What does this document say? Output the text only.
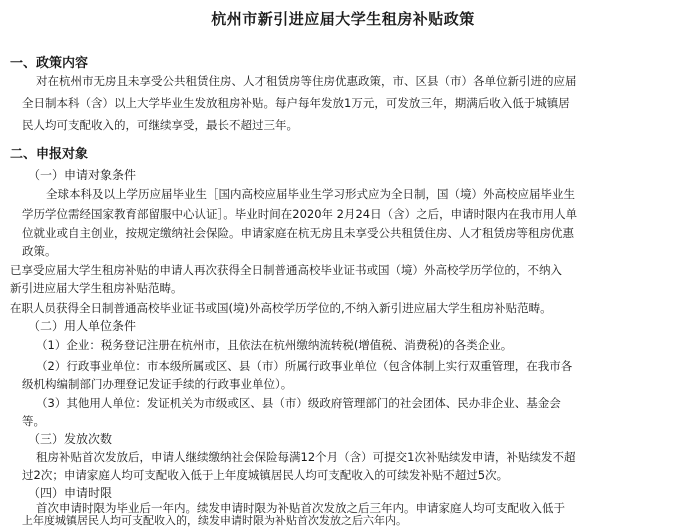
杭州市新引进应届大学生租房补贴政策
一、政策内容
对在杭州市无房且未享受公共租赁住房、人才租赁房等住房优惠政策，市、区县（市）各单位新引进的应届
全日制本科（含）以上大学毕业生发放租房补贴。每户每年发放1万元，可发放三年，期满后收入低于城镇居
民人均可支配收入的，可继续享受，最长不超过三年。
二、申报对象
（一）申请对象条件
全球本科及以上学历应届毕业生［国内高校应届毕业生学习形式应为全日制，国（境）外高校应届毕业生
学历学位需经国家教育部留服中心认证］。毕业时间在2020年 2月24日（含）之后，申请时限内在我市用人单
位就业或自主创业，按规定缴纳社会保险。申请家庭在杭无房且未享受公共租赁住房、人才租赁房等租房优惠
政策。
已享受应届大学生租房补贴的申请人再次获得全日制普通高校毕业证书或国（境）外高校学历学位的，不纳入
新引进应届大学生租房补贴范畴。
在职人员获得全日制普通高校毕业证书或国(境)外高校学历学位的,不纳入新引进应届大学生租房补贴范畴。
（二）用人单位条件
（1）企业：税务登记注册在杭州市，且依法在杭州缴纳流转税(增值税、消费税)的各类企业。
（2）行政事业单位：市本级所属或区、县（市）所属行政事业单位（包含体制上实行双重管理，在我市各
级机构编制部门办理登记发证手续的行政事业单位）。
（3）其他用人单位：发证机关为市级或区、县（市）级政府管理部门的社会团体、民办非企业、基金会
等。
（三）发放次数
租房补贴首次发放后，申请人继续缴纳社会保险每满12个月（含）可提交1次补贴续发申请，补贴续发不超
过2次；申请家庭人均可支配收入低于上年度城镇居民人均可支配收入的可续发补贴不超过5次。
（四）申请时限
首次申请时限为毕业后一年内。续发申请时限为补贴首次发放之后三年内。申请家庭人均可支配收入低于
上年度城镇居民人均可支配收入的，续发申请时限为补贴首次发放之后六年内。
